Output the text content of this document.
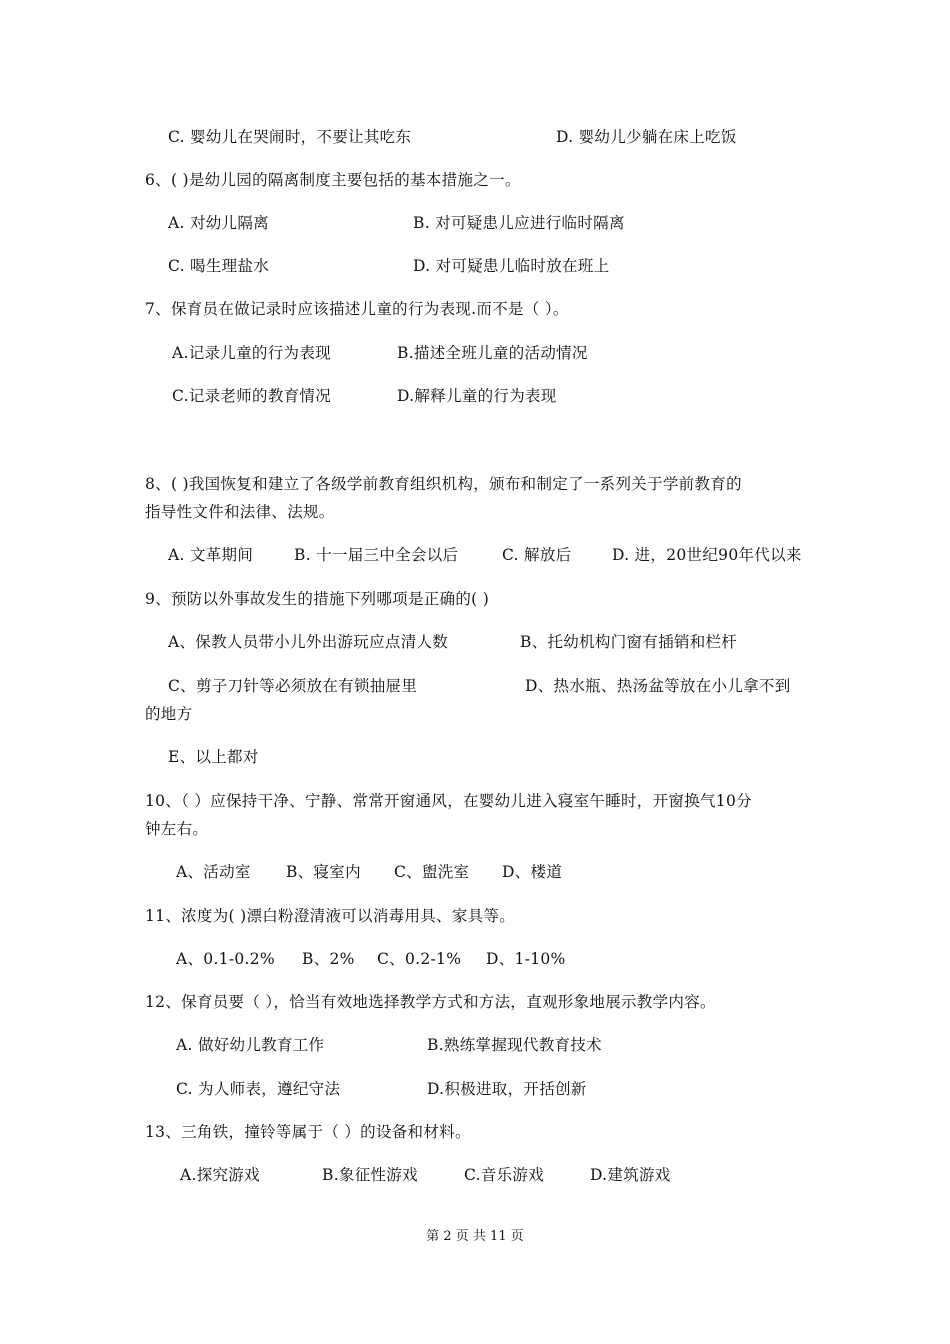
C. 婴幼儿在哭闹时，不要让其吃东	D. 婴幼儿少躺在床上吃饭
6、( )是幼儿园的隔离制度主要包括的基本措施之一。
A. 对幼儿隔离	B. 对可疑患儿应进行临时隔离
C. 喝生理盐水	D. 对可疑患儿临时放在班上
7、保育员在做记录时应该描述儿童的行为表现.而不是（ ）。
A.记录儿童的行为表现	B.描述全班儿童的活动情况
C.记录老师的教育情况	D.解释儿童的行为表现
8、( )我国恢复和建立了各级学前教育组织机构，颁布和制定了一系列关于学前教育的
指导性文件和法律、法规。
A. 文革期间	B. 十一届三中全会以后	C. 解放后	D. 进，20世纪90年代以来
9、预防以外事故发生的措施下列哪项是正确的( )
A、保教人员带小儿外出游玩应点清人数	B、托幼机构门窗有插销和栏杆
C、剪子刀针等必须放在有锁抽屉里	D、热水瓶、热汤盆等放在小儿拿不到
的地方
E、以上都对
10、（ ）应保持干净、宁静、常常开窗通风，在婴幼儿进入寝室午睡时，开窗换气10分
钟左右。
A、活动室 B、寝室内 C、盥洗室 D、楼道
11、浓度为( )漂白粉澄清液可以消毒用具、家具等。
A、0.1-0.2% B、2% C、0.2-1% D、1-10%
12、保育员要（ ），恰当有效地选择教学方式和方法，直观形象地展示教学内容。
A. 做好幼儿教育工作	B.熟练掌握现代教育技术
C. 为人师表，遵纪守法	D.积极进取，开括创新
13、三角铁，撞铃等属于（ ）的设备和材料。
A.探究游戏	B.象征性游戏	C.音乐游戏	D.建筑游戏
第 2 页 共 11 页
